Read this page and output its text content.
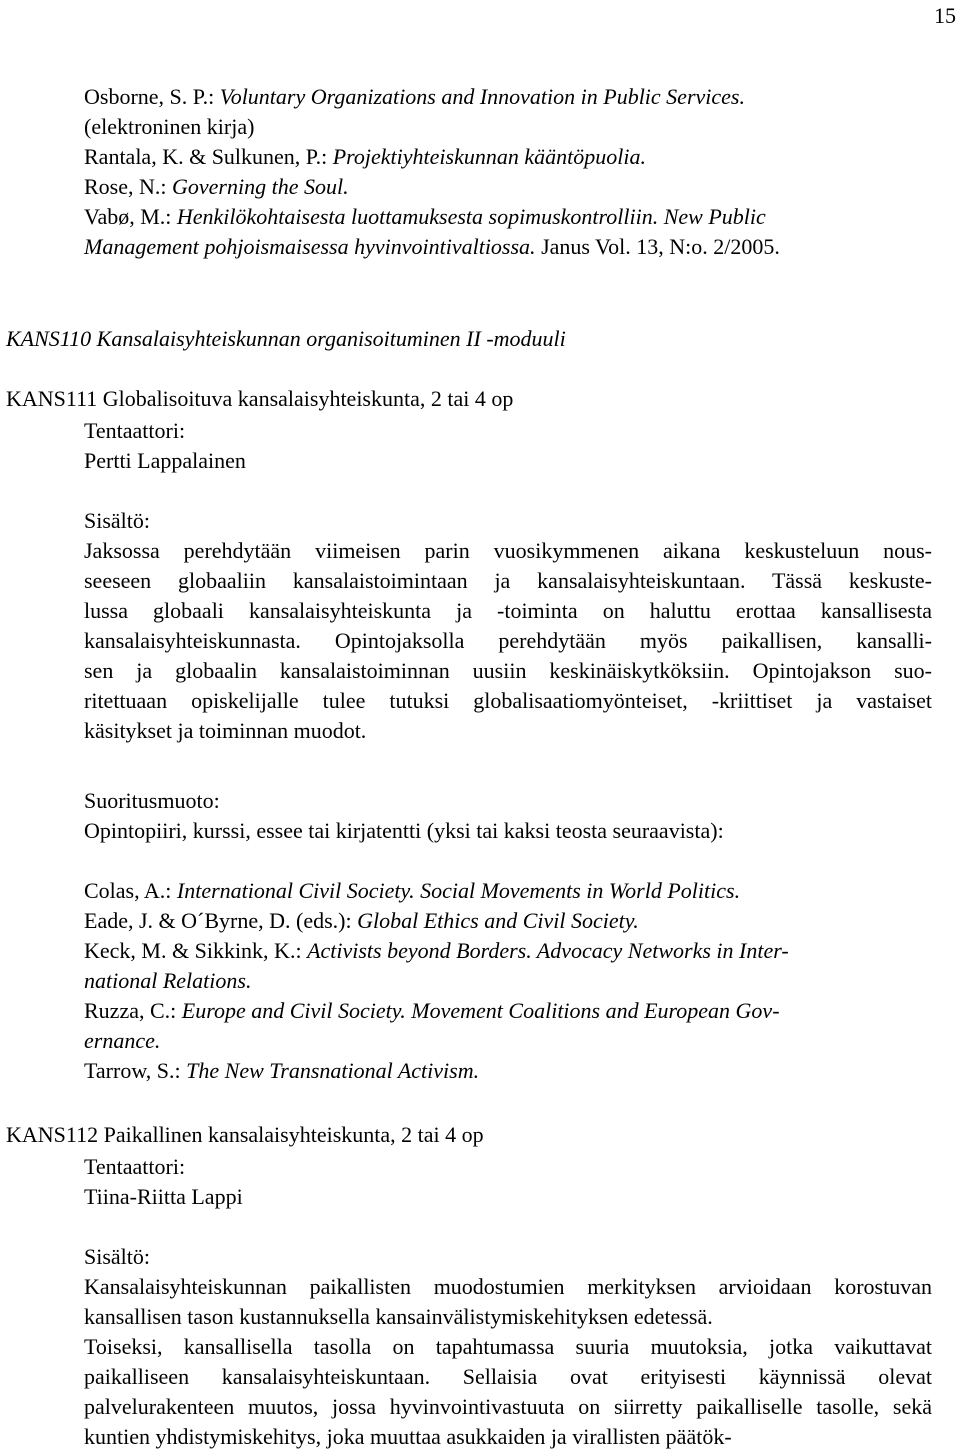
15
Osborne, S. P.: Voluntary Organizations and Innovation in Public Services.
(elektroninen kirja)
Rantala, K. & Sulkunen, P.: Projektiyhteiskunnan kääntöpuolia.
Rose, N.: Governing the Soul.
Vabø, M.: Henkilökohtaisesta luottamuksesta sopimuskontrolliin. New Public
Management pohjoismaisessa hyvinvointivaltiossa. Janus Vol. 13, N:o. 2/2005.
KANS110 Kansalaisyhteiskunnan organisoituminen II -moduuli
KANS111 Globalisoituva kansalaisyhteiskunta, 2 tai 4 op
Tentaattori:
Pertti Lappalainen
Sisältö:
Jaksossa perehdytään viimeisen parin vuosikymmenen aikana keskusteluun nous-
seeseen globaaliin kansalaistoimintaan ja kansalaisyhteiskuntaan. Tässä keskuste-
lussa globaali kansalaisyhteiskunta ja -toiminta on haluttu erottaa kansallisesta
kansalaisyhteiskunnasta. Opintojaksolla perehdytään myös paikallisen, kansalli-
sen ja globaalin kansalaistoiminnan uusiin keskinäiskytköksiin. Opintojakson suo-
ritettuaan opiskelijalle tulee tutuksi globalisaatiomyönteiset, -kriittiset ja vastaiset
käsitykset ja toiminnan muodot.
Suoritusmuoto:
Opintopiiri, kurssi, essee tai kirjatentti (yksi tai kaksi teosta seuraavista):
Colas, A.: International Civil Society. Social Movements in World Politics.
Eade, J. & O´Byrne, D. (eds.): Global Ethics and Civil Society.
Keck, M. & Sikkink, K.: Activists beyond Borders. Advocacy Networks in Inter-
national Relations.
Ruzza, C.: Europe and Civil Society. Movement Coalitions and European Gov-
ernance.
Tarrow, S.: The New Transnational Activism.
KANS112 Paikallinen kansalaisyhteiskunta, 2 tai 4 op
Tentaattori:
Tiina-Riitta Lappi
Sisältö:
Kansalaisyhteiskunnan paikallisten muodostumien merkityksen arvioidaan korostuvan kansallisen tason kustannuksella kansainvälistymiskehityksen edetessä.
Toiseksi, kansallisella tasolla on tapahtumassa suuria muutoksia, jotka vaikuttavat
paikalliseen kansalaisyhteiskuntaan. Sellaisia ovat erityisesti käynnissä olevat
palvelurakenteen muutos, jossa hyvinvointivastuuta on siirretty paikalliselle tasolle, sekä kuntien yhdistymiskehitys, joka muuttaa asukkaiden ja virallisten päätök-
